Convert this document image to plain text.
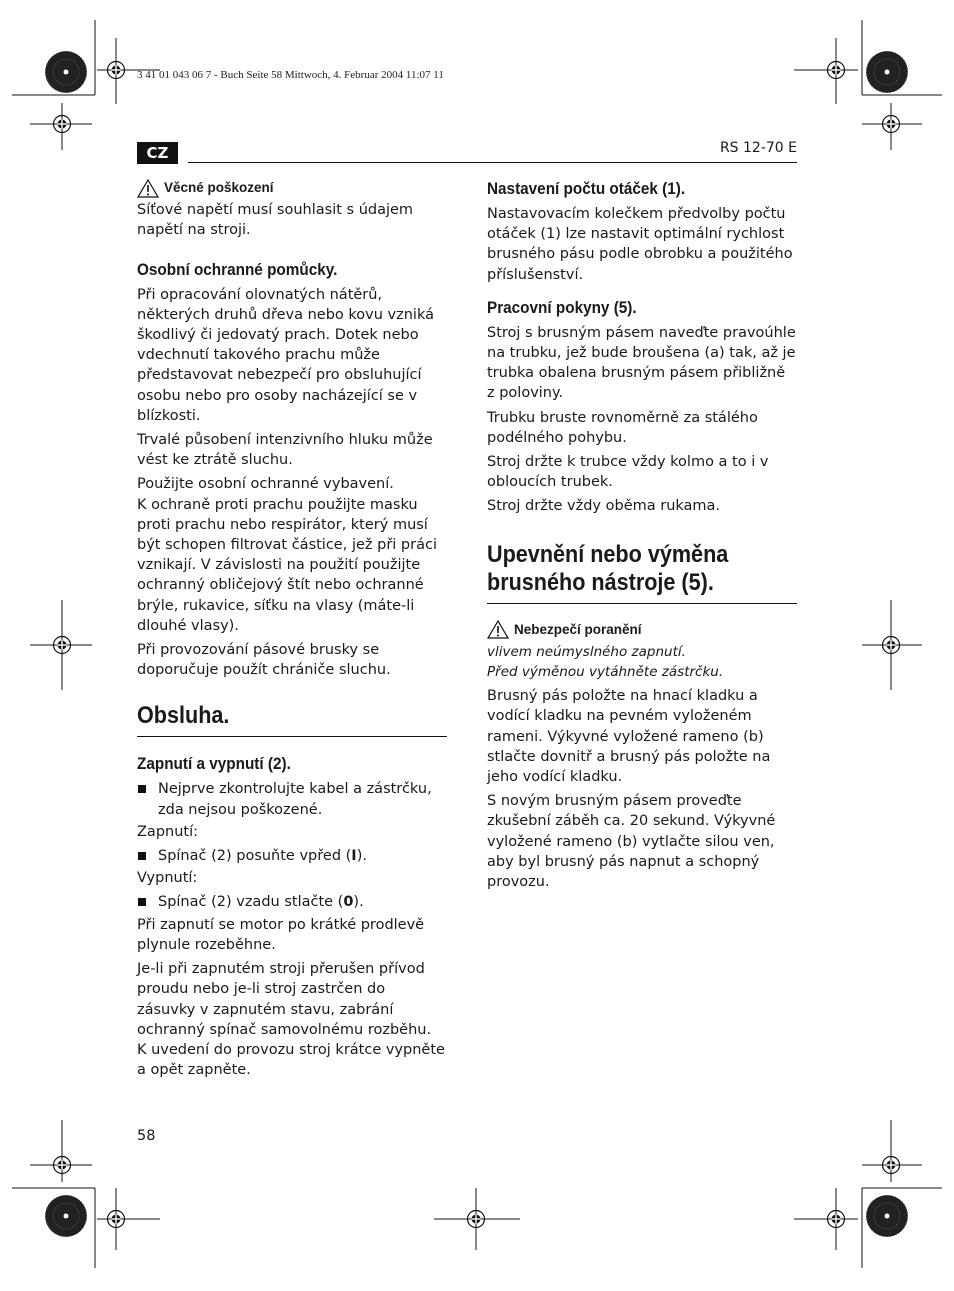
3 41 01 043 06 7 - Buch Seite 58 Mittwoch, 4. Februar 2004 11:07 11
CZ	RS 12-70 E
Věcné poškození

Síťové napětí musí souhlasit s údajem napětí na stroji.

Osobní ochranné pomůcky.

Při opracování olovnatých nátěrů, některých druhů dřeva nebo kovu vzniká škodlivý či jedovatý prach. Dotek nebo vdechnutí takového prachu může představovat nebezpečí pro obsluhující osobu nebo pro osoby nacházející se v blízkosti.

Trvalé působení intenzivního hluku může vést ke ztrátě sluchu.

Použijte osobní ochranné vybavení.

K ochraně proti prachu použijte masku proti prachu nebo respirátor, který musí být schopen filtrovat částice, jež při práci vznikají. V závislosti na použití použijte ochranný obličejový štít nebo ochranné brýle, rukavice, síťku na vlasy (máte-li dlouhé vlasy).

Při provozování pásové brusky se doporučuje použít chrániče sluchu.

Obsluha.
Zapnutí a vypnutí (2).
Nejprve zkontrolujte kabel a zástrčku, zda nejsou poškozené.

Zapnutí:

Spínač (2) posuňte vpřed (I).

Vypnutí:

Spínač (2) vzadu stlačte (0).

Při zapnutí se motor po krátké prodlevě plynule rozeběhne.

Je-li při zapnutém stroji přerušen přívod proudu nebo je-li stroj zastrčen do zásuvky v zapnutém stavu, zabrání ochranný spínač samovolnému rozběhu.

K uvedení do provozu stroj krátce vypněte a opět zapněte.

Nastavení počtu otáček (1).

Nastavovacím kolečkem předvolby počtu otáček (1) lze nastavit optimální rychlost brusného pásu podle obrobku a použitého příslušenství.

Pracovní pokyny (5).

Stroj s brusným pásem naveďte pravoúhle na trubku, jež bude broušena (a) tak, až je trubka obalena brusným pásem přibližně z poloviny.

Trubku bruste rovnoměrně za stálého podélného pohybu.

Stroj držte k trubce vždy kolmo a to i v obloucích trubek.

Stroj držte vždy oběma rukama.

Upevnění nebo výměna brusného nástroje (5).
Nebezpečí poranění

vlivem neúmyslného zapnutí.

Před výměnou vytáhněte zástrčku.

Brusný pás položte na hnací kladku a vodící kladku na pevném vyloženém rameni. Výkyvné vyložené rameno (b) stlačte dovnitř a brusný pás položte na jeho vodící kladku.

S novým brusným pásem proveďte zkušební záběh ca. 20 sekund. Výkyvné vyložené rameno (b) vytlačte silou ven, aby byl brusný pás napnut a schopný provozu.

58
